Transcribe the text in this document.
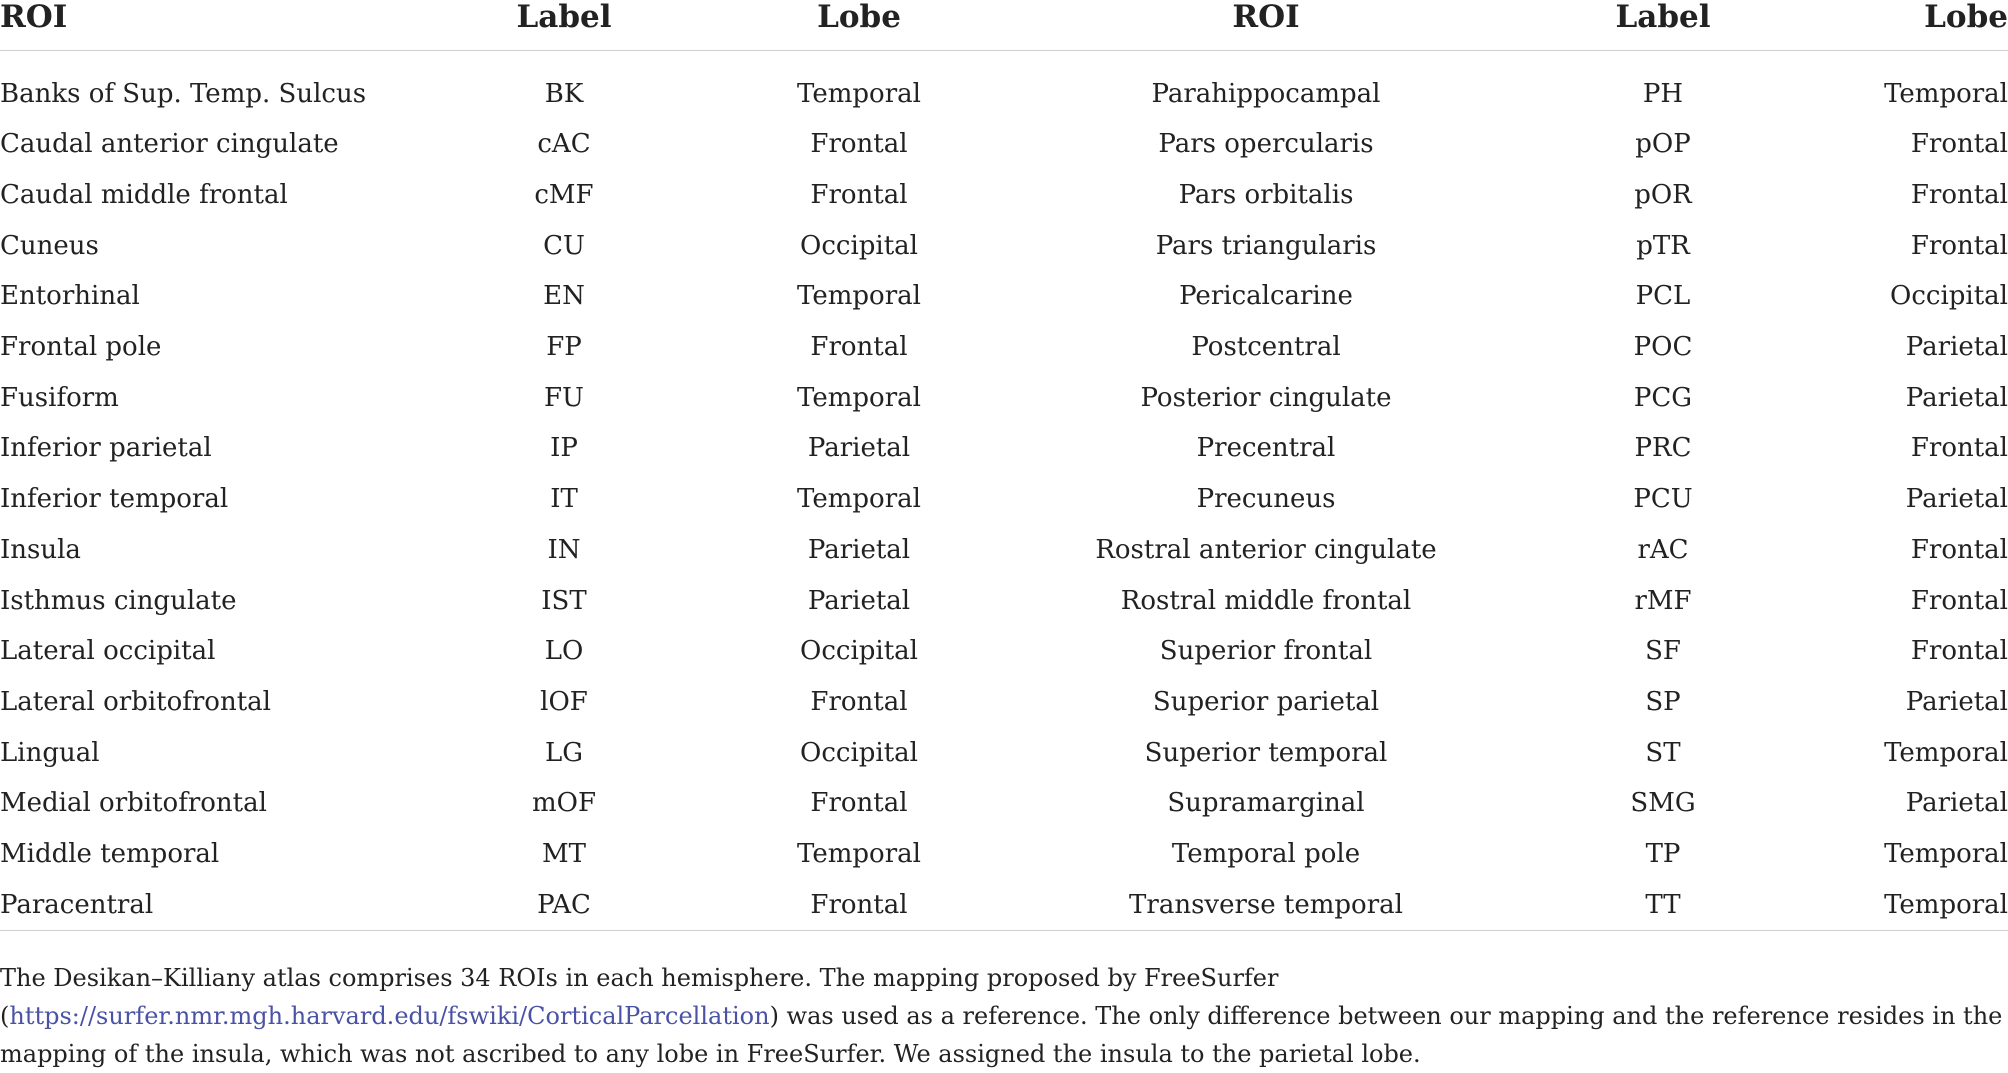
ROI	Label	Lobe	ROI	Label	Lobe
Banks of Sup. Temp. Sulcus	BK	Temporal	Parahippocampal	PH	Temporal
Caudal anterior cingulate	cAC	Frontal	Pars opercularis	pOP	Frontal
Caudal middle frontal	cMF	Frontal	Pars orbitalis	pOR	Frontal
Cuneus	CU	Occipital	Pars triangularis	pTR	Frontal
Entorhinal	EN	Temporal	Pericalcarine	PCL	Occipital
Frontal pole	FP	Frontal	Postcentral	POC	Parietal
Fusiform	FU	Temporal	Posterior cingulate	PCG	Parietal
Inferior parietal	IP	Parietal	Precentral	PRC	Frontal
Inferior temporal	IT	Temporal	Precuneus	PCU	Parietal
Insula	IN	Parietal	Rostral anterior cingulate	rAC	Frontal
Isthmus cingulate	IST	Parietal	Rostral middle frontal	rMF	Frontal
Lateral occipital	LO	Occipital	Superior frontal	SF	Frontal
Lateral orbitofrontal	lOF	Frontal	Superior parietal	SP	Parietal
Lingual	LG	Occipital	Superior temporal	ST	Temporal
Medial orbitofrontal	mOF	Frontal	Supramarginal	SMG	Parietal
Middle temporal	MT	Temporal	Temporal pole	TP	Temporal
Paracentral	PAC	Frontal	Transverse temporal	TT	Temporal

The Desikan–Killiany atlas comprises 34 ROIs in each hemisphere. The mapping proposed by FreeSurfer (https://surfer.nmr.mgh.harvard.edu/fswiki/CorticalParcellation) was used as a reference. The only difference between our mapping and the reference resides in the mapping of the insula, which was not ascribed to any lobe in FreeSurfer. We assigned the insula to the parietal lobe.
